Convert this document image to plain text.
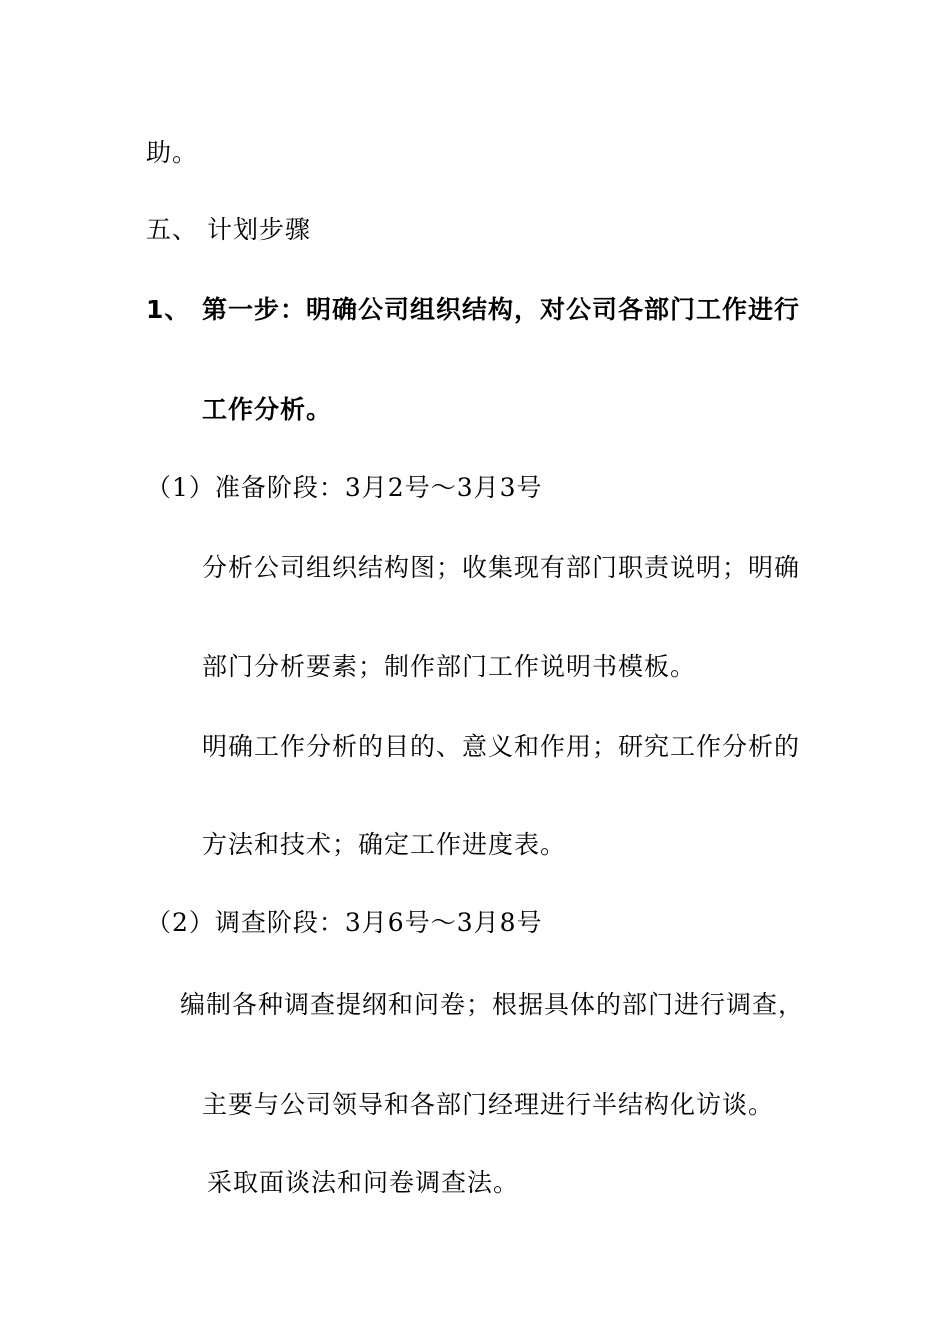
助。
五、 计划步骤
1、 第一步：明确公司组织结构，对公司各部门工作进行
工作分析。
（1）准备阶段：3月2号～3月3号
分析公司组织结构图；收集现有部门职责说明；明确
部门分析要素；制作部门工作说明书模板。
明确工作分析的目的、意义和作用；研究工作分析的
方法和技术；确定工作进度表。
（2）调查阶段：3月6号～3月8号
编制各种调查提纲和问卷；根据具体的部门进行调查，
主要与公司领导和各部门经理进行半结构化访谈。
采取面谈法和问卷调查法。
